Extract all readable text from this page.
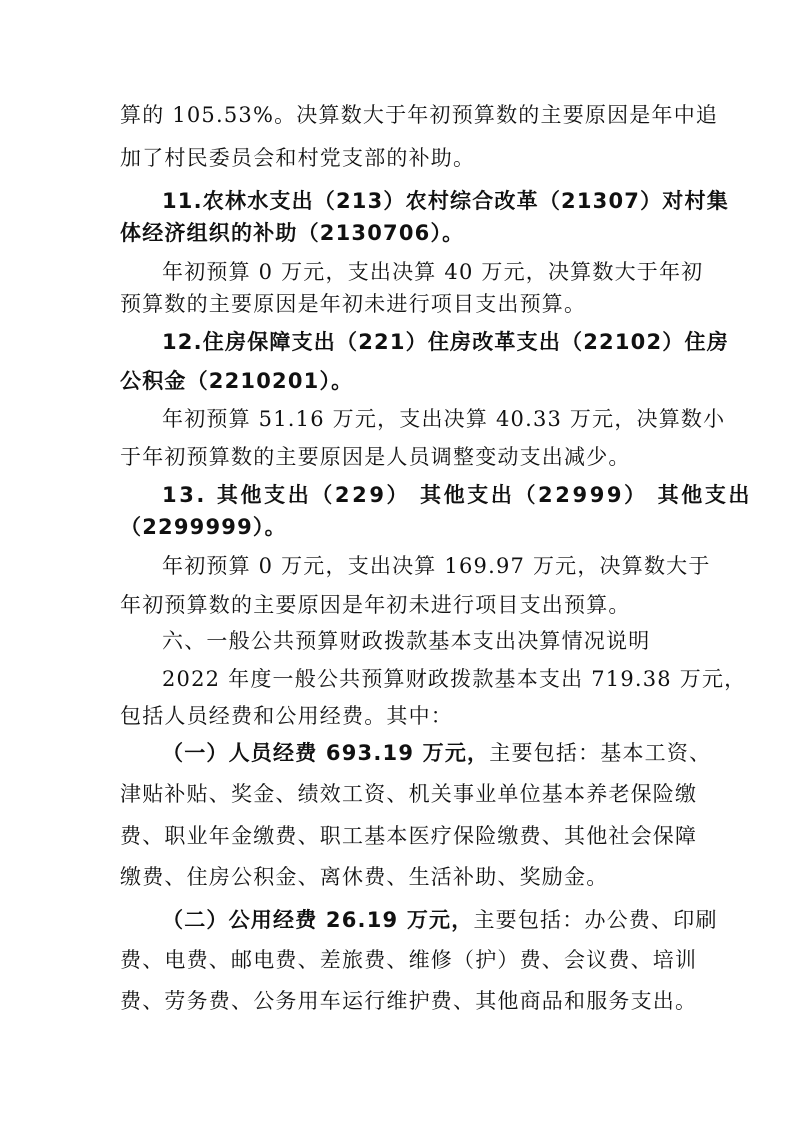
算的 105.53%。决算数大于年初预算数的主要原因是年中追
加了村民委员会和村党支部的补助。
11.农林水支出（213）农村综合改革（21307）对村集
体经济组织的补助（2130706）。
年初预算 0 万元，支出决算 40 万元，决算数大于年初
预算数的主要原因是年初未进行项目支出预算。
12.住房保障支出（221）住房改革支出（22102）住房
公积金（2210201）。
年初预算 51.16 万元，支出决算 40.33 万元，决算数小
于年初预算数的主要原因是人员调整变动支出减少。
13. 其他支出（229） 其他支出（22999） 其他支出
（2299999）。
年初预算 0 万元，支出决算 169.97 万元，决算数大于
年初预算数的主要原因是年初未进行项目支出预算。
六、一般公共预算财政拨款基本支出决算情况说明
2022 年度一般公共预算财政拨款基本支出 719.38 万元，
包括人员经费和公用经费。其中：
（一）人员经费 693.19 万元，主要包括：基本工资、
津贴补贴、奖金、绩效工资、机关事业单位基本养老保险缴
费、职业年金缴费、职工基本医疗保险缴费、其他社会保障
缴费、住房公积金、离休费、生活补助、奖励金。
（二）公用经费 26.19 万元，主要包括：办公费、印刷
费、电费、邮电费、差旅费、维修（护）费、会议费、培训
费、劳务费、公务用车运行维护费、其他商品和服务支出。
